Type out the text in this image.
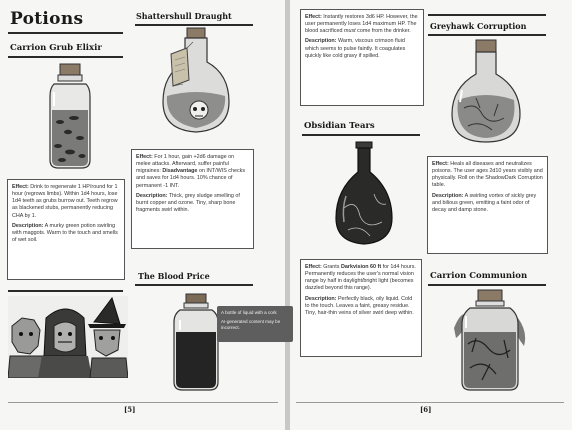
Potions
Carrion Grub Elixir

Effect: Drink to regenerate 1 HP/round for 1 hour (regrows limbs). Within 1d4 hours, lose 1d4 teeth as grubs burrow out. Teeth regrow as blackened stubs, permanently reducing CHA by 1.

Description: A murky green potion swirling with maggots. Warm to the touch and smells of wet soil.

Shattershull Draught

Effect: For 1 hour, gain +2d6 damage on melee attacks. Afterward, suffer painful migraines: Disadvantage on INT/WIS checks and saves for 1d4 hours. 10% chance of permanent -1 INT.

Description: Thick, grey sludge smelling of burnt copper and ozone. Tiny, sharp bone fragments swirl within.

The Blood Price
[5]

A bottle of liquid with a cork

AI-generated content may be incorrect.

Effect: Instantly restores 3d6 HP. However, the user permanently loses 1d4 maximum HP. The blood sacrificed must come from the drinker.

Description: Warm, viscous crimson fluid which seems to pulse faintly. It coagulates quickly like cold gravy if spilled.

Greyhawk Corruption

Effect: Heals all diseases and neutralizes poisons. The user ages 2d10 years visibly and physically. Roll on the ShadowDark Corruption table.

Description: A swirling vortex of sickly grey and bilious green, emitting a faint odor of decay and damp stone.

Obsidian Tears

Effect: Grants Darkvision 60 ft for 1d4 hours. Permanently reduces the user's normal vision range by half in daylight/bright light (becomes dazzled beyond this range).

Description: Perfectly black, oily liquid. Cold to the touch. Leaves a faint, greasy residue. Tiny, hair-thin veins of silver swirl deep within.

Carrion Communion
[6]
